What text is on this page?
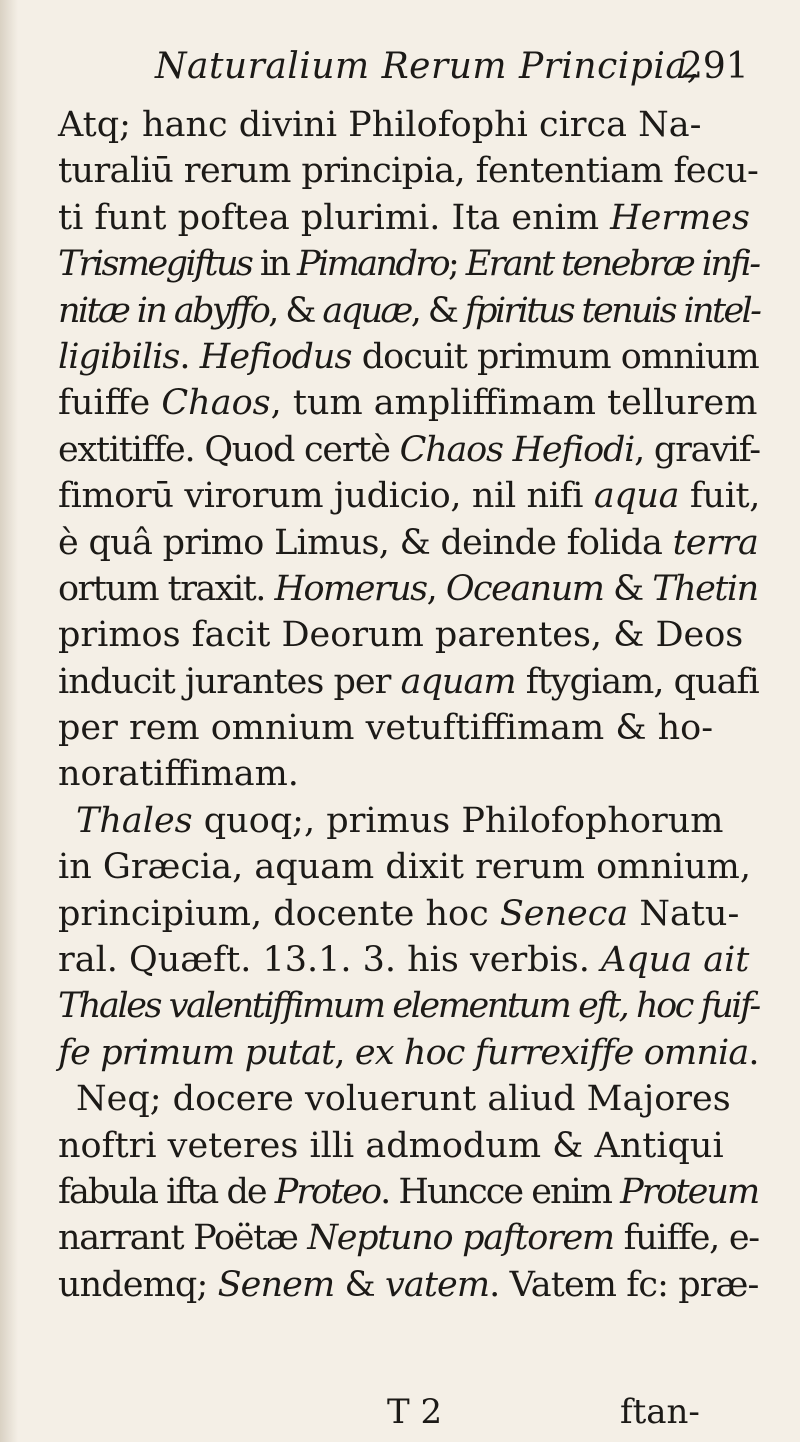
Naturalium Rerum Principia,
291
Atq; hanc divini Philofophi circa Na-
turaliū rerum principia, fententiam fecu-
ti funt poftea plurimi. Ita enim Hermes
Trismegiftus in Pimandro; Erant tenebræ infi-
nitæ in abyffo, & aquæ, & fpiritus tenuis intel-
ligibilis. Hefiodus docuit primum omnium
fuiffe Chaos, tum ampliffimam tellurem
extitiffe. Quod certè Chaos Hefiodi, gravif-
fimorū virorum judicio, nil nifi aqua fuit,
è quâ primo Limus, & deinde folida terra
ortum traxit. Homerus, Oceanum & Thetin
primos facit Deorum parentes, & Deos
inducit jurantes per aquam ftygiam, quafi
per rem omnium vetuftiffimam & ho-
noratiffimam.
Thales quoq;, primus Philofophorum
in Græcia, aquam dixit rerum omnium,
principium, docente hoc Seneca Natu-
ral. Quæft. 13.1. 3. his verbis. Aqua ait
Thales valentiffimum elementum eft, hoc fuif-
fe primum putat, ex hoc furrexiffe omnia.
Neq; docere voluerunt aliud Majores
noftri veteres illi admodum & Antiqui
fabula ifta de Proteo. Huncce enim Proteum
narrant Poëtæ Neptuno paftorem fuiffe, e-
undemq; Senem & vatem. Vatem fc: præ-
T 2	ftan-
